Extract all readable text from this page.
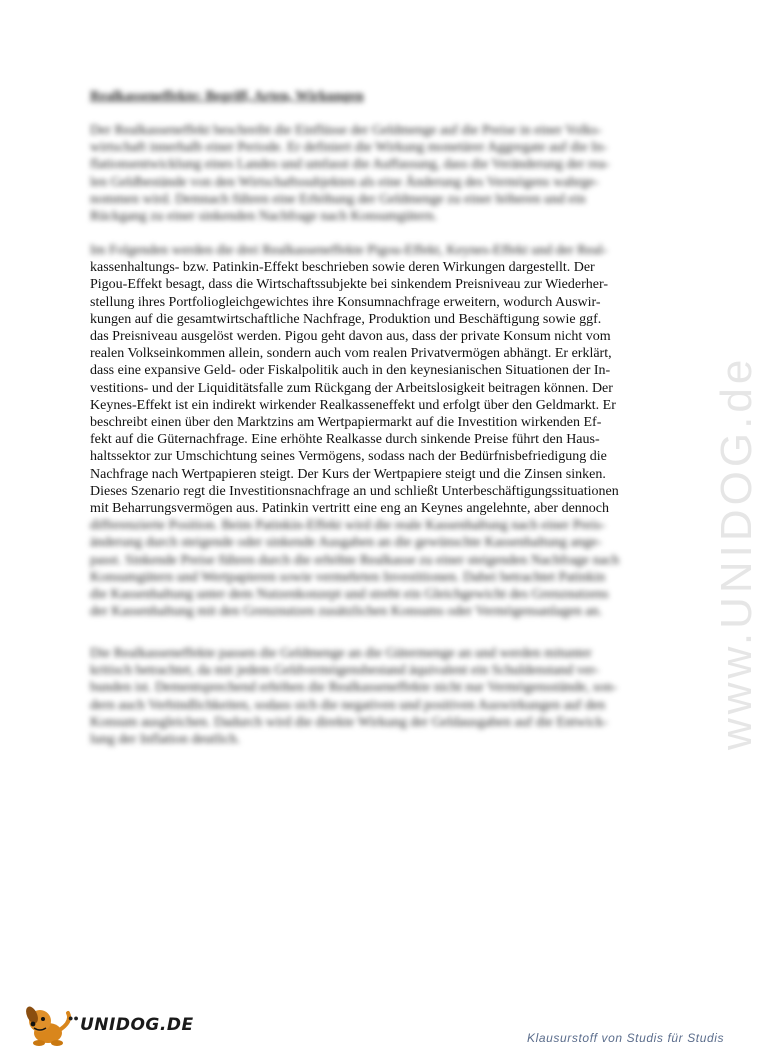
Realkasseneffekte: Begriff, Arten, Wirkungen
Der Realkasseneffekt beschreibt die Einflüsse der Geldmenge auf die Preise in einer Volks-
wirtschaft innerhalb einer Periode. Er definiert die Wirkung monetärer Aggregate auf die In-
flationsentwicklung eines Landes und umfasst die Auffassung, dass die Veränderung der rea-
len Geldbestände von den Wirtschaftssubjekten als eine Änderung des Vermögens wahrge-
nommen wird. Demnach führen eine Erhöhung der Geldmenge zu einer höheren und ein
Rückgang zu einer sinkenden Nachfrage nach Konsumgütern.
Im Folgenden werden die drei Realkasseneffekte Pigou-Effekt, Keynes-Effekt und der Real-
kassenhaltungs- bzw. Patinkin-Effekt beschrieben sowie deren Wirkungen dargestellt. Der
Pigou-Effekt besagt, dass die Wirtschaftssubjekte bei sinkendem Preisniveau zur Wiederher-
stellung ihres Portfoliogleichgewichtes ihre Konsumnachfrage erweitern, wodurch Auswir-
kungen auf die gesamtwirtschaftliche Nachfrage, Produktion und Beschäftigung sowie ggf.
das Preisniveau ausgelöst werden. Pigou geht davon aus, dass der private Konsum nicht vom
realen Volkseinkommen allein, sondern auch vom realen Privatvermögen abhängt. Er erklärt,
dass eine expansive Geld- oder Fiskalpolitik auch in den keynesianischen Situationen der In-
vestitions- und der Liquiditätsfalle zum Rückgang der Arbeitslosigkeit beitragen können. Der
Keynes-Effekt ist ein indirekt wirkender Realkasseneffekt und erfolgt über den Geldmarkt. Er
beschreibt einen über den Marktzins am Wertpapiermarkt auf die Investition wirkenden Ef-
fekt auf die Güternachfrage. Eine erhöhte Realkasse durch sinkende Preise führt den Haus-
haltssektor zur Umschichtung seines Vermögens, sodass nach der Bedürfnisbefriedigung die
Nachfrage nach Wertpapieren steigt. Der Kurs der Wertpapiere steigt und die Zinsen sinken.
Dieses Szenario regt die Investitionsnachfrage an und schließt Unterbeschäftigungssituationen
mit Beharrungsvermögen aus. Patinkin vertritt eine eng an Keynes angelehnte, aber dennoch
differenzierte Position. Beim Patinkin-Effekt wird die reale Kassenhaltung nach einer Preis-
änderung durch steigende oder sinkende Ausgaben an die gewünschte Kassenhaltung ange-
passt. Sinkende Preise führen durch die erhöhte Realkasse zu einer steigenden Nachfrage nach
Konsumgütern und Wertpapieren sowie vermehrten Investitionen. Dabei betrachtet Patinkin
die Kassenhaltung unter dem Nutzenkonzept und strebt ein Gleichgewicht des Grenznutzens
der Kassenhaltung mit den Grenznutzen zusätzlichen Konsums oder Vermögensanlagen an.
Die Realkasseneffekte passen die Geldmenge an die Gütermenge an und werden mitunter
kritisch betrachtet, da mit jedem Geldvermögensbestand äquivalent ein Schuldenstand ver-
bunden ist. Dementsprechend erhöhen die Realkasseneffekte nicht nur Vermögensstände, son-
dern auch Verbindlichkeiten, sodass sich die negativen und positiven Auswirkungen auf den
Konsum ausgleichen. Dadurch wird die direkte Wirkung der Geldausgaben auf die Entwick-
lung der Inflation deutlich.	www.UNIDOG.de
●● UNIDOG.DE
Klausurstoff von Studis für Studis
